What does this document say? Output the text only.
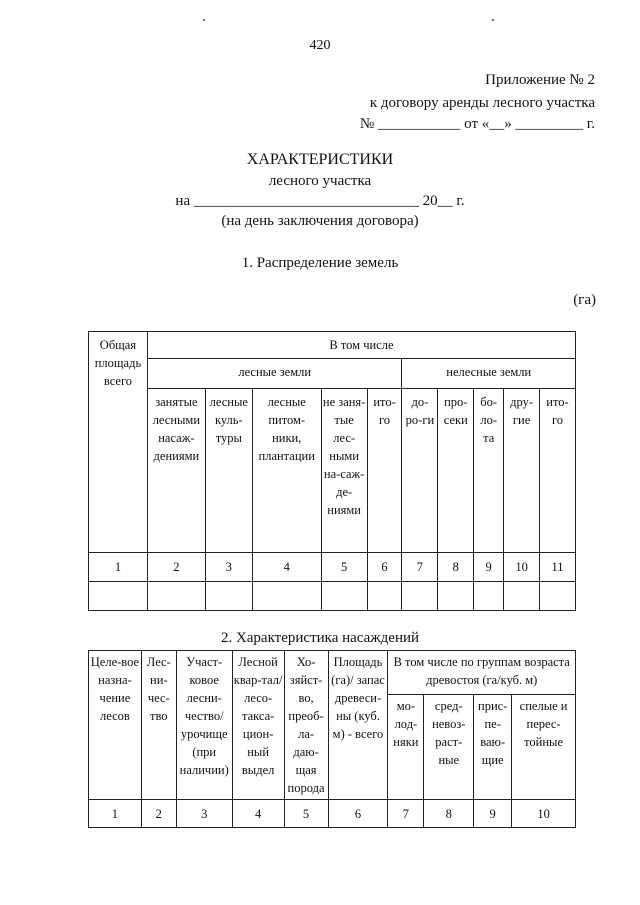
420
Приложение № 2
к договору аренды лесного участка
№ ___________ от «__» _________ г.
ХАРАКТЕРИСТИКИ
лесного участка
на ______________________________ 20__ г.
(на день заключения договора)
1. Распределение земель
(га)
Общая площадь всего	В том числе									
	лесные земли					нелесные земли				
	занятые лесными насаж-дениями	лесные куль-туры	лесные питом-ники, плантации	не заня-тые лес-ными на-саж-де-ниями	ито-го	до-ро-ги	про-секи	бо-ло-та	дру-гие	ито-го
1	2	3	4	5	6	7	8	9	10	11

2. Характеристика насаждений
Целе-вое назна-чение лесов	Лес-ни-чес-тво	Участ-ковое лесни-чество/ урочище (при наличии)	Лесной квар-тал/ лесо-такса-цион-ный выдел	Хо-зяйст-во, преоб-ла-даю-щая порода	Площадь (га)/ запас древеси-ны (куб. м) - всего	В том числе по группам возраста древостоя (га/куб. м)			
						мо-лод-няки	сред-невоз-раст-ные	прис-пе-ваю-щие	спелые и перес-тойные
1	2	3	4	5	6	7	8	9	10
